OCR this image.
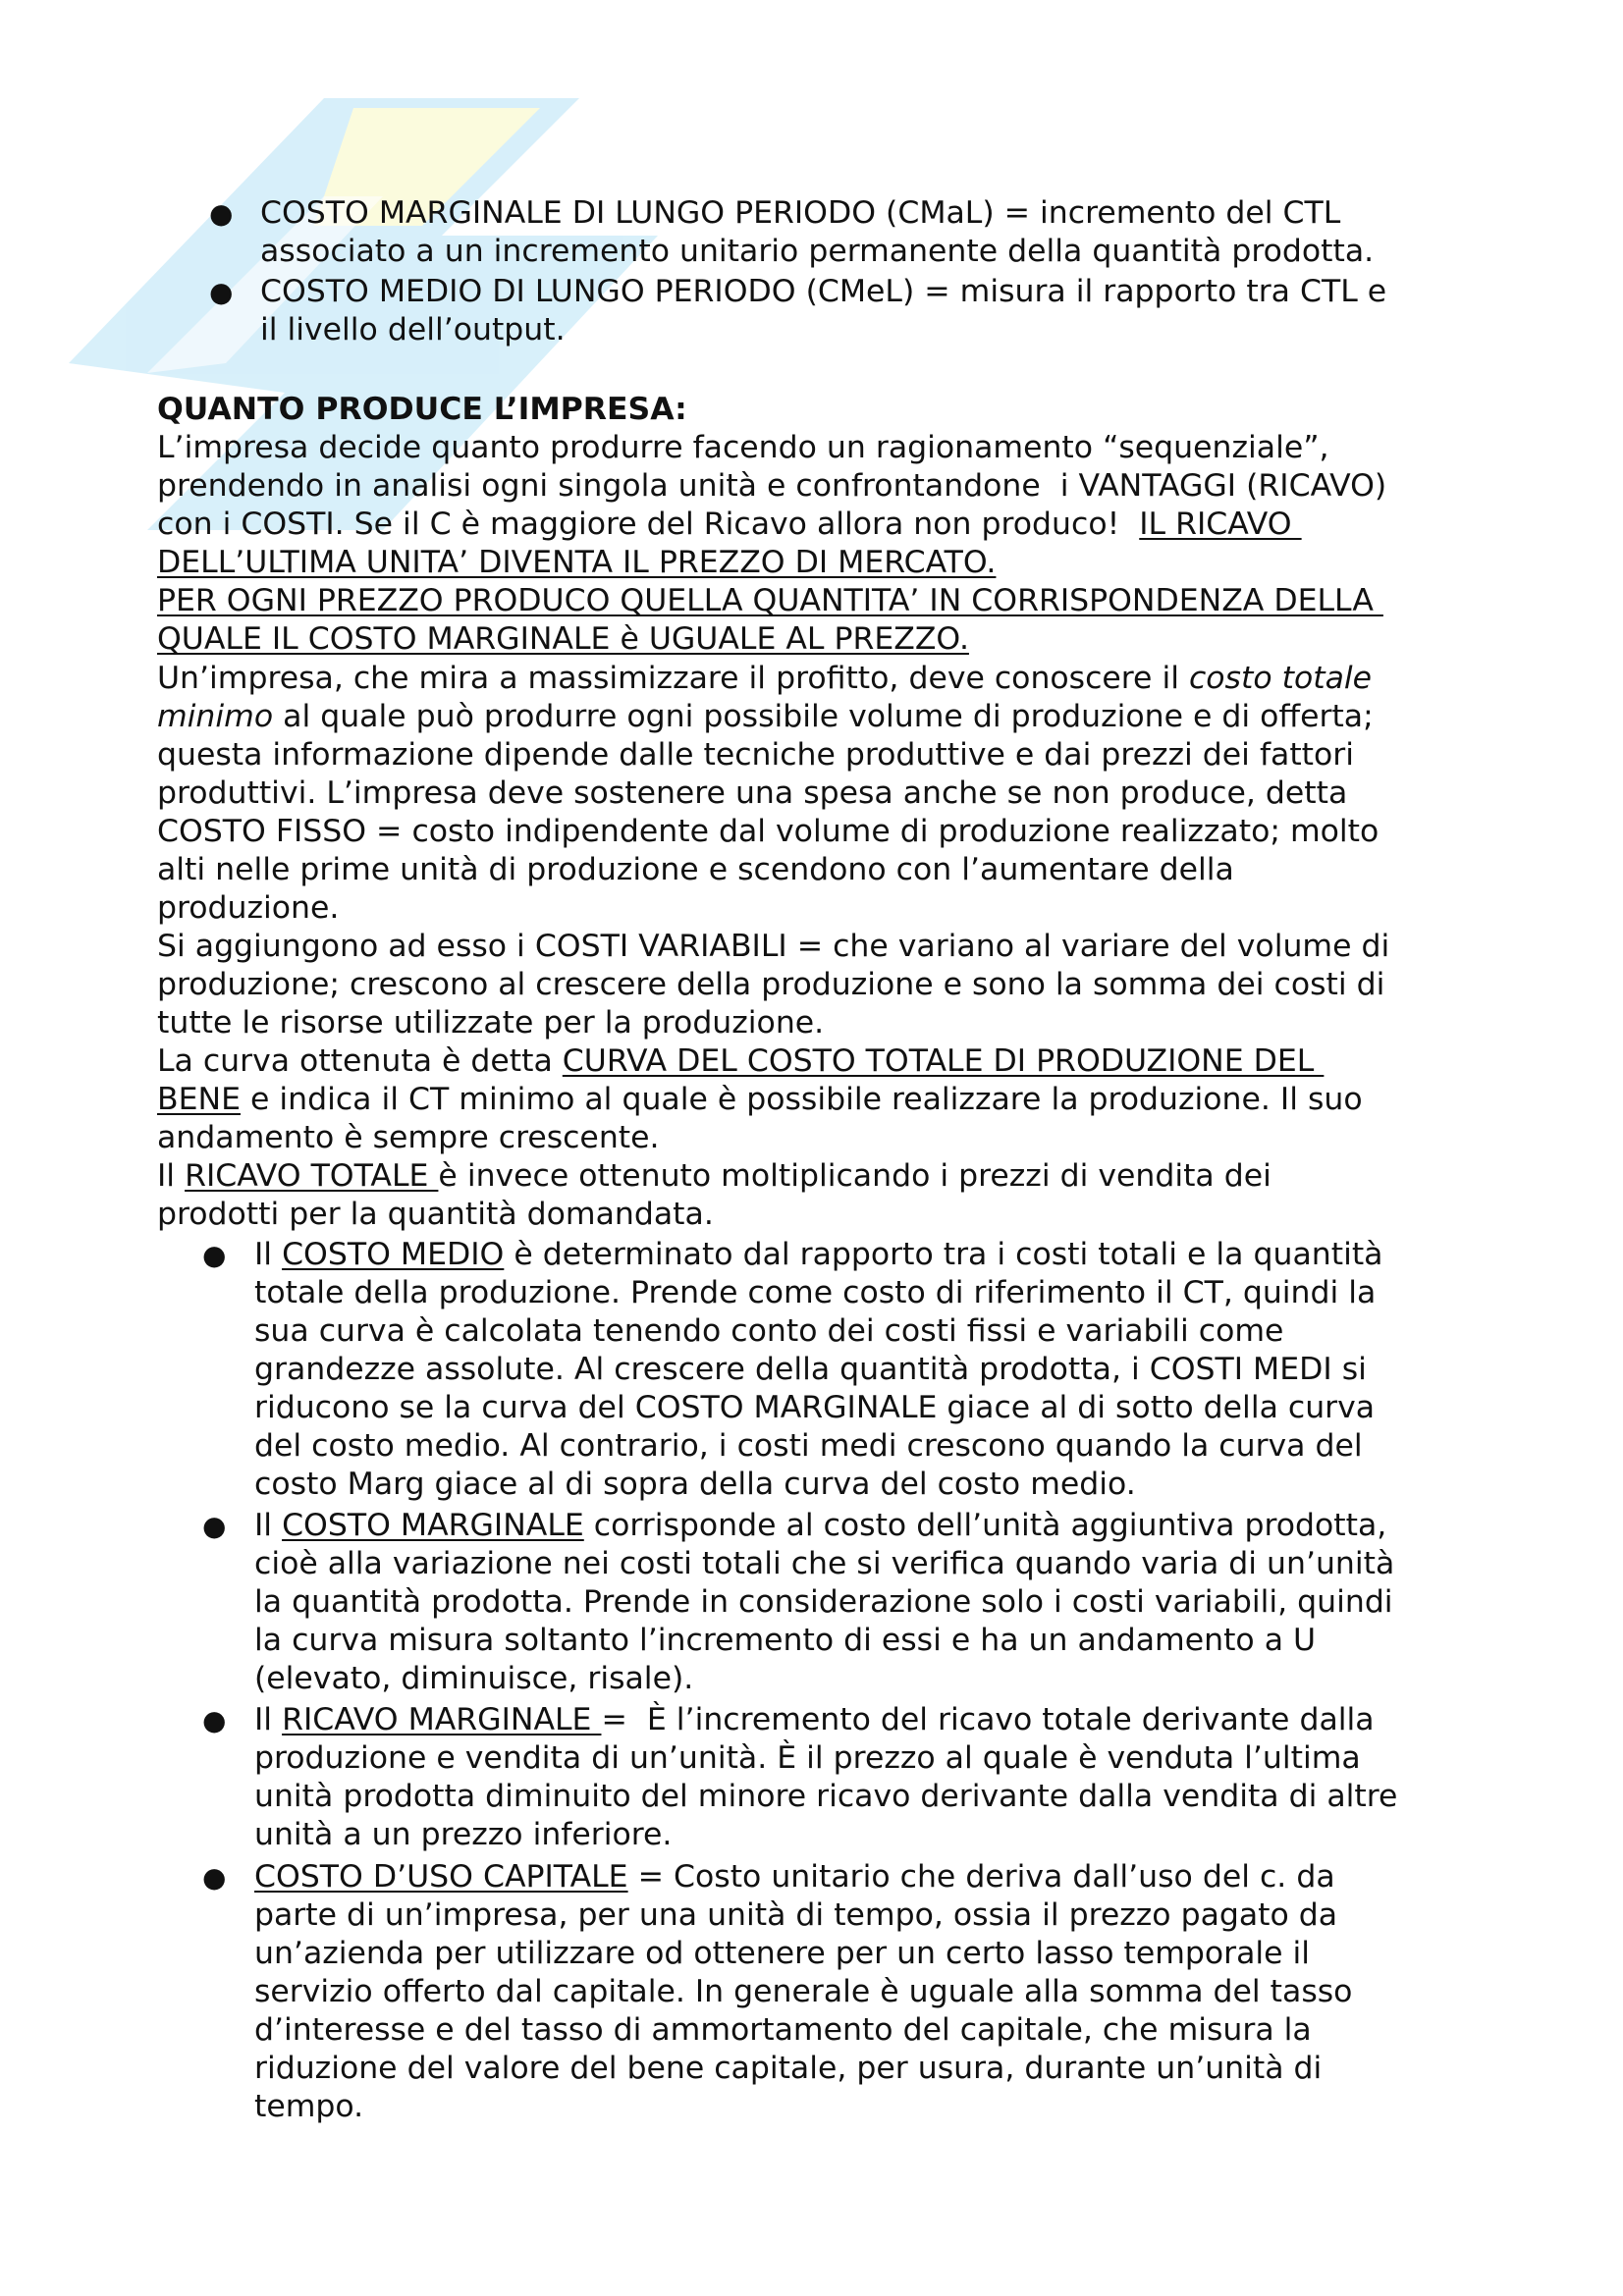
● COSTO MARGINALE DI LUNGO PERIODO (CMaL) = incremento del CTL
associato a un incremento unitario permanente della quantità prodotta.
● COSTO MEDIO DI LUNGO PERIODO (CMeL) = misura il rapporto tra CTL e
il livello dell’output.
QUANTO PRODUCE L’IMPRESA:
L’impresa decide quanto produrre facendo un ragionamento “sequenziale”,
prendendo in analisi ogni singola unità e confrontandone  i VANTAGGI (RICAVO)
con i COSTI. Se il C è maggiore del Ricavo allora non produco!  IL RICAVO
DELL’ULTIMA UNITA’ DIVENTA IL PREZZO DI MERCATO.
PER OGNI PREZZO PRODUCO QUELLA QUANTITA’ IN CORRISPONDENZA DELLA
QUALE IL COSTO MARGINALE è UGUALE AL PREZZO.
Un’impresa, che mira a massimizzare il profitto, deve conoscere il costo totale
minimo al quale può produrre ogni possibile volume di produzione e di offerta;
questa informazione dipende dalle tecniche produttive e dai prezzi dei fattori
produttivi. L’impresa deve sostenere una spesa anche se non produce, detta
COSTO FISSO = costo indipendente dal volume di produzione realizzato; molto
alti nelle prime unità di produzione e scendono con l’aumentare della
produzione.
Si aggiungono ad esso i COSTI VARIABILI = che variano al variare del volume di
produzione; crescono al crescere della produzione e sono la somma dei costi di
tutte le risorse utilizzate per la produzione.
La curva ottenuta è detta CURVA DEL COSTO TOTALE DI PRODUZIONE DEL
BENE e indica il CT minimo al quale è possibile realizzare la produzione. Il suo
andamento è sempre crescente.
Il RICAVO TOTALE è invece ottenuto moltiplicando i prezzi di vendita dei
prodotti per la quantità domandata.
● Il COSTO MEDIO è determinato dal rapporto tra i costi totali e la quantità
totale della produzione. Prende come costo di riferimento il CT, quindi la
sua curva è calcolata tenendo conto dei costi fissi e variabili come
grandezze assolute. Al crescere della quantità prodotta, i COSTI MEDI si
riducono se la curva del COSTO MARGINALE giace al di sotto della curva
del costo medio. Al contrario, i costi medi crescono quando la curva del
costo Marg giace al di sopra della curva del costo medio.
● Il COSTO MARGINALE corrisponde al costo dell’unità aggiuntiva prodotta,
cioè alla variazione nei costi totali che si verifica quando varia di un’unità
la quantità prodotta. Prende in considerazione solo i costi variabili, quindi
la curva misura soltanto l’incremento di essi e ha un andamento a U
(elevato, diminuisce, risale).
● Il RICAVO MARGINALE =  È l’incremento del ricavo totale derivante dalla
produzione e vendita di un’unità. È il prezzo al quale è venduta l’ultima
unità prodotta diminuito del minore ricavo derivante dalla vendita di altre
unità a un prezzo inferiore.
● COSTO D’USO CAPITALE = Costo unitario che deriva dall’uso del c. da
parte di un’impresa, per una unità di tempo, ossia il prezzo pagato da
un’azienda per utilizzare od ottenere per un certo lasso temporale il
servizio offerto dal capitale. In generale è uguale alla somma del tasso
d’interesse e del tasso di ammortamento del capitale, che misura la
riduzione del valore del bene capitale, per usura, durante un’unità di
tempo.
